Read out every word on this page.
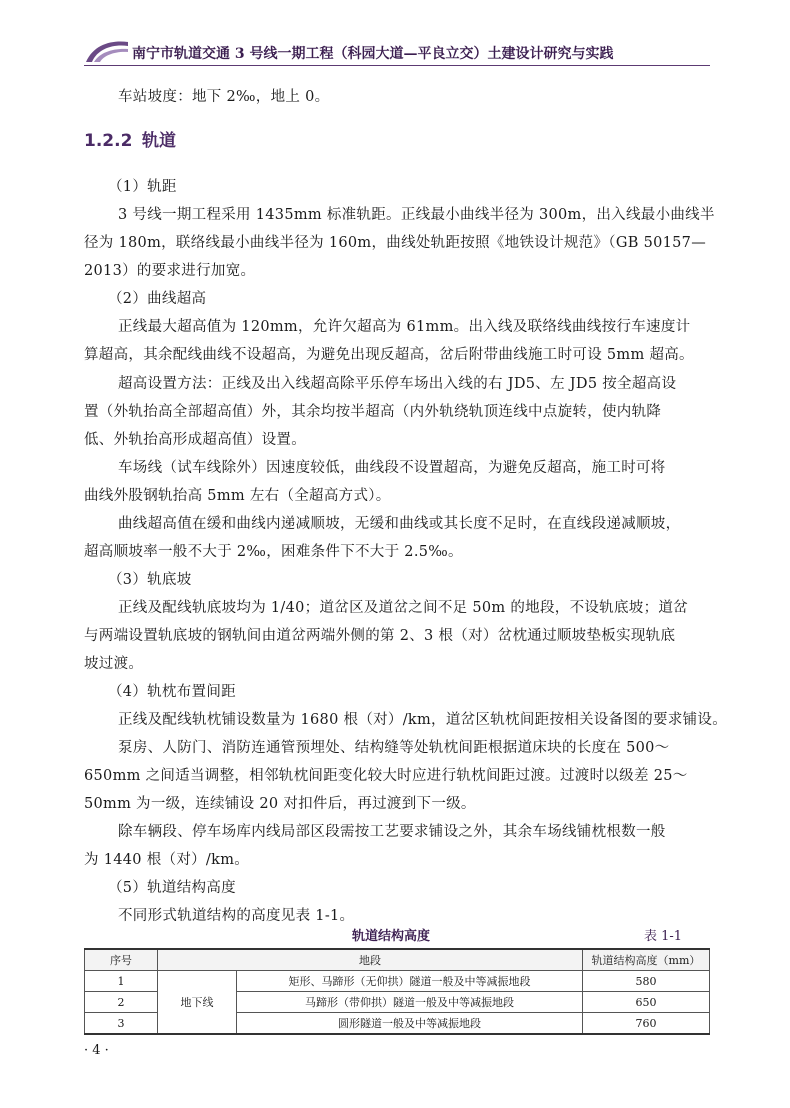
南宁市轨道交通 3 号线一期工程（科园大道—平良立交）土建设计研究与实践
车站坡度：地下 2‰，地上 0。
1.2.2 轨道
（1）轨距
3 号线一期工程采用 1435mm 标准轨距。正线最小曲线半径为 300m，出入线最小曲线半
径为 180m，联络线最小曲线半径为 160m，曲线处轨距按照《地铁设计规范》（GB 50157—
2013）的要求进行加宽。
（2）曲线超高
正线最大超高值为 120mm，允许欠超高为 61mm。出入线及联络线曲线按行车速度计
算超高，其余配线曲线不设超高，为避免出现反超高，岔后附带曲线施工时可设 5mm 超高。
超高设置方法：正线及出入线超高除平乐停车场出入线的右 JD5、左 JD5 按全超高设
置（外轨抬高全部超高值）外，其余均按半超高（内外轨绕轨顶连线中点旋转，使内轨降
低、外轨抬高形成超高值）设置。
车场线（试车线除外）因速度较低，曲线段不设置超高，为避免反超高，施工时可将
曲线外股钢轨抬高 5mm 左右（全超高方式）。
曲线超高值在缓和曲线内递减顺坡，无缓和曲线或其长度不足时，在直线段递减顺坡，
超高顺坡率一般不大于 2‰，困难条件下不大于 2.5‰。
（3）轨底坡
正线及配线轨底坡均为 1/40；道岔区及道岔之间不足 50m 的地段，不设轨底坡；道岔
与两端设置轨底坡的钢轨间由道岔两端外侧的第 2、3 根（对）岔枕通过顺坡垫板实现轨底
坡过渡。
（4）轨枕布置间距
正线及配线轨枕铺设数量为 1680 根（对）/km，道岔区轨枕间距按相关设备图的要求铺设。
泵房、人防门、消防连通管预埋处、结构缝等处轨枕间距根据道床块的长度在 500～
650mm 之间适当调整，相邻轨枕间距变化较大时应进行轨枕间距过渡。过渡时以级差 25～
50mm 为一级，连续铺设 20 对扣件后，再过渡到下一级。
除车辆段、停车场库内线局部区段需按工艺要求铺设之外，其余车场线铺枕根数一般
为 1440 根（对）/km。
（5）轨道结构高度
不同形式轨道结构的高度见表 1-1。
轨道结构高度	表 1-1
序号	地段		轨道结构高度（mm）
1	地下线	矩形、马蹄形（无仰拱）隧道一般及中等减振地段	580
2		马蹄形（带仰拱）隧道一般及中等减振地段	650
3		圆形隧道一般及中等减振地段	760
· 4 ·
